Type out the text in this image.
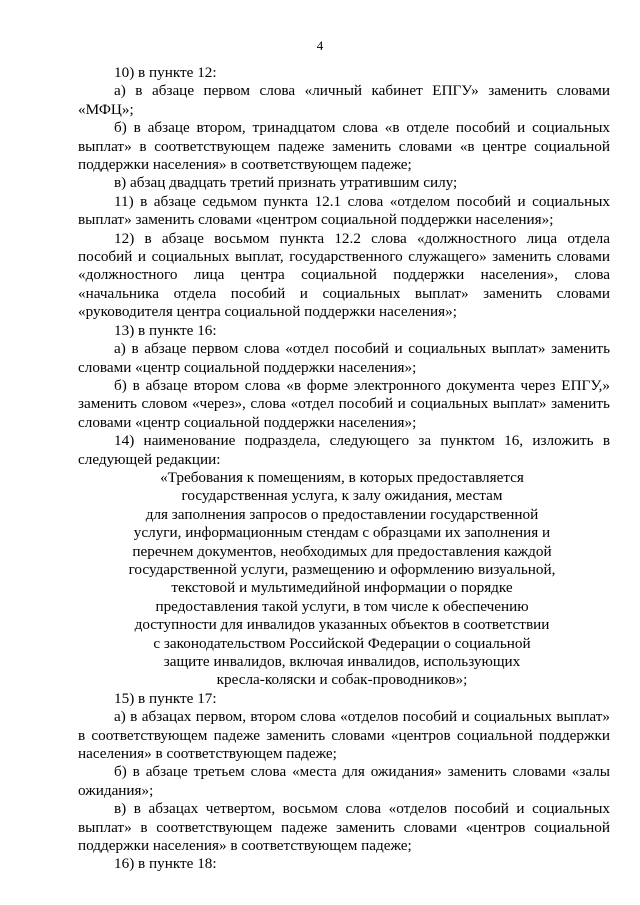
4

10) в пункте 12:

а) в абзаце первом слова «личный кабинет ЕПГУ» заменить словами «МФЦ»;

б) в абзаце втором, тринадцатом слова «в отделе пособий и социальных выплат» в соответствующем падеже заменить словами «в центре социальной поддержки населения» в соответствующем падеже;

в) абзац двадцать третий признать утратившим силу;

11) в абзаце седьмом пункта 12.1 слова «отделом пособий и социальных выплат» заменить словами «центром социальной поддержки населения»;

12) в абзаце восьмом пункта 12.2 слова «должностного лица отдела пособий и социальных выплат, государственного служащего» заменить словами «должностного лица центра социальной поддержки населения», слова «начальника отдела пособий и социальных выплат» заменить словами «руководителя центра социальной поддержки населения»;

13) в пункте 16:

а) в абзаце первом слова «отдел пособий и социальных выплат» заменить словами «центр социальной поддержки населения»;

б) в абзаце втором слова «в форме электронного документа через ЕПГУ,» заменить словом «через», слова «отдел пособий и социальных выплат» заменить словами «центр социальной поддержки населения»;

14) наименование подраздела, следующего за пунктом 16, изложить в следующей редакции:

«Требования к помещениям, в которых предоставляется
государственная услуга, к залу ожидания, местам
для заполнения запросов о предоставлении государственной
услуги, информационным стендам с образцами их заполнения и
перечнем документов, необходимых для предоставления каждой
государственной услуги, размещению и оформлению визуальной,
текстовой и мультимедийной информации о порядке
предоставления такой услуги, в том числе к обеспечению
доступности для инвалидов указанных объектов в соответствии
с законодательством Российской Федерации о социальной
защите инвалидов, включая инвалидов, использующих
кресла-коляски и собак-проводников»;

15) в пункте 17:

а) в абзацах первом, втором слова «отделов пособий и социальных выплат» в соответствующем падеже заменить словами «центров социальной поддержки населения» в соответствующем падеже;

б) в абзаце третьем слова «места для ожидания» заменить словами «залы ожидания»;

в) в абзацах четвертом, восьмом слова «отделов пособий и социальных выплат» в соответствующем падеже заменить словами «центров социальной поддержки населения» в соответствующем падеже;

16) в пункте 18:
